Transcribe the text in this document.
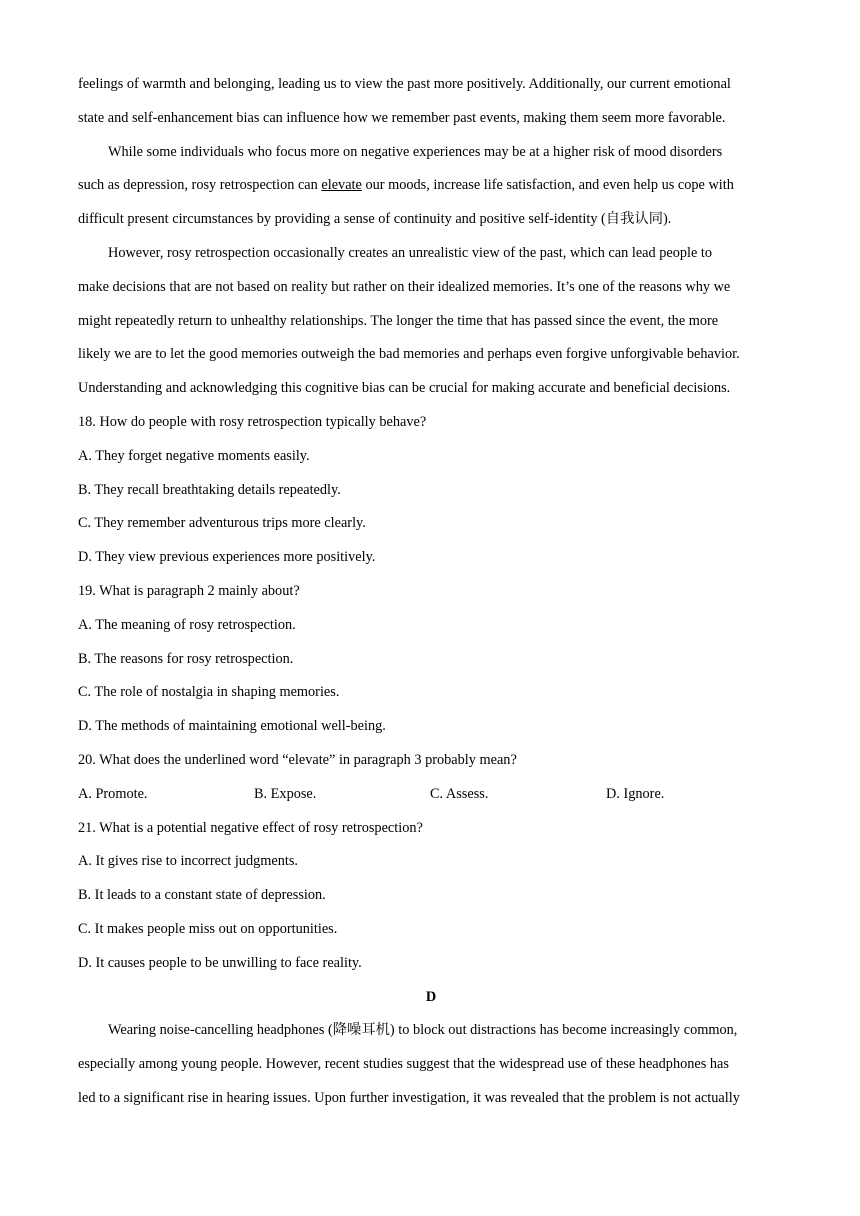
feelings of warmth and belonging, leading us to view the past more positively. Additionally, our current emotional
state and self-enhancement bias can influence how we remember past events, making them seem more favorable.
While some individuals who focus more on negative experiences may be at a higher risk of mood disorders
such as depression, rosy retrospection can elevate our moods, increase life satisfaction, and even help us cope with
difficult present circumstances by providing a sense of continuity and positive self-identity (自我认同).
However, rosy retrospection occasionally creates an unrealistic view of the past, which can lead people to
make decisions that are not based on reality but rather on their idealized memories. It’s one of the reasons why we
might repeatedly return to unhealthy relationships. The longer the time that has passed since the event, the more
likely we are to let the good memories outweigh the bad memories and perhaps even forgive unforgivable behavior.
Understanding and acknowledging this cognitive bias can be crucial for making accurate and beneficial decisions.
18. How do people with rosy retrospection typically behave?
A. They forget negative moments easily.
B. They recall breathtaking details repeatedly.
C. They remember adventurous trips more clearly.
D. They view previous experiences more positively.
19. What is paragraph 2 mainly about?
A. The meaning of rosy retrospection.
B. The reasons for rosy retrospection.
C. The role of nostalgia in shaping memories.
D. The methods of maintaining emotional well-being.
20. What does the underlined word “elevate” in paragraph 3 probably mean?
A. Promote.	B. Expose.	C. Assess.	D. Ignore.
21. What is a potential negative effect of rosy retrospection?
A. It gives rise to incorrect judgments.
B. It leads to a constant state of depression.
C. It makes people miss out on opportunities.
D. It causes people to be unwilling to face reality.
D
Wearing noise-cancelling headphones (降噪耳机) to block out distractions has become increasingly common,
especially among young people. However, recent studies suggest that the widespread use of these headphones has
led to a significant rise in hearing issues. Upon further investigation, it was revealed that the problem is not actually
